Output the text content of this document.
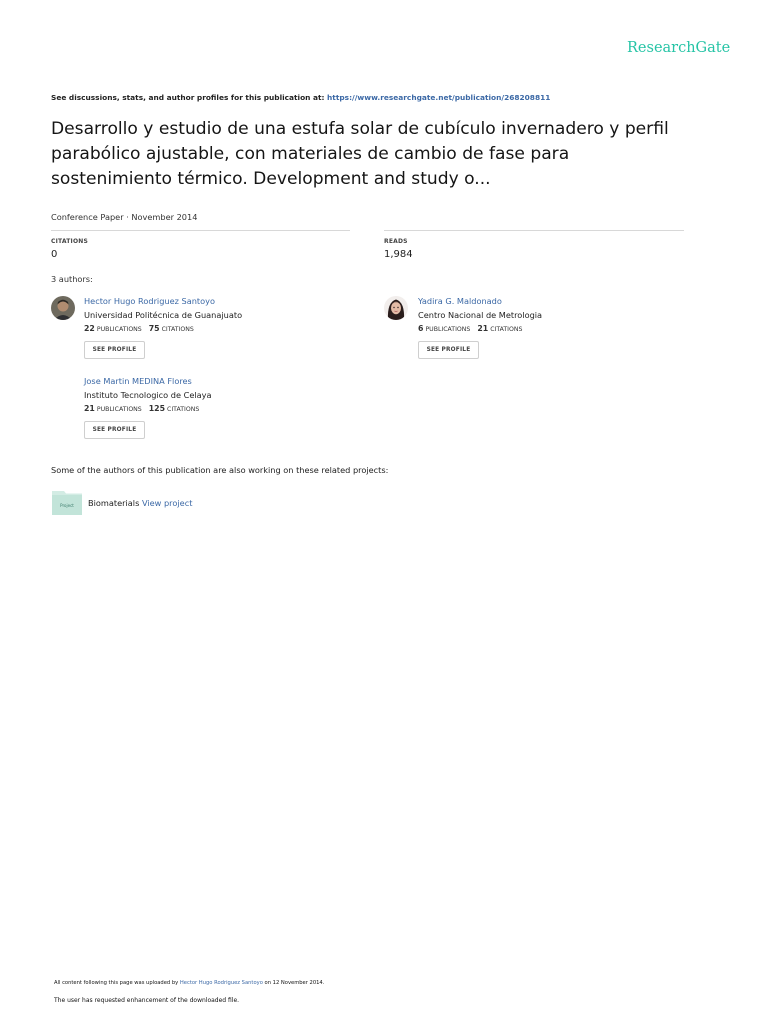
ResearchGate
See discussions, stats, and author profiles for this publication at: https://www.researchgate.net/publication/268208811
Desarrollo y estudio de una estufa solar de cubículo invernadero y perfil parabólico ajustable, con materiales de cambio de fase para sostenimiento térmico. Development and study o...
Conference Paper · November 2014
CITATIONS
0
READS
1,984
3 authors:
Hector Hugo Rodriguez Santoyo
Universidad Politécnica de Guanajuato
22 PUBLICATIONS 75 CITATIONS
SEE PROFILE
Yadira G. Maldonado
Centro Nacional de Metrologia
6 PUBLICATIONS 21 CITATIONS
SEE PROFILE
Jose Martin MEDINA Flores
Instituto Tecnologico de Celaya
21 PUBLICATIONS 125 CITATIONS
SEE PROFILE
Some of the authors of this publication are also working on these related projects:
Project Biomaterials View project
All content following this page was uploaded by Hector Hugo Rodriguez Santoyo on 12 November 2014.
The user has requested enhancement of the downloaded file.
